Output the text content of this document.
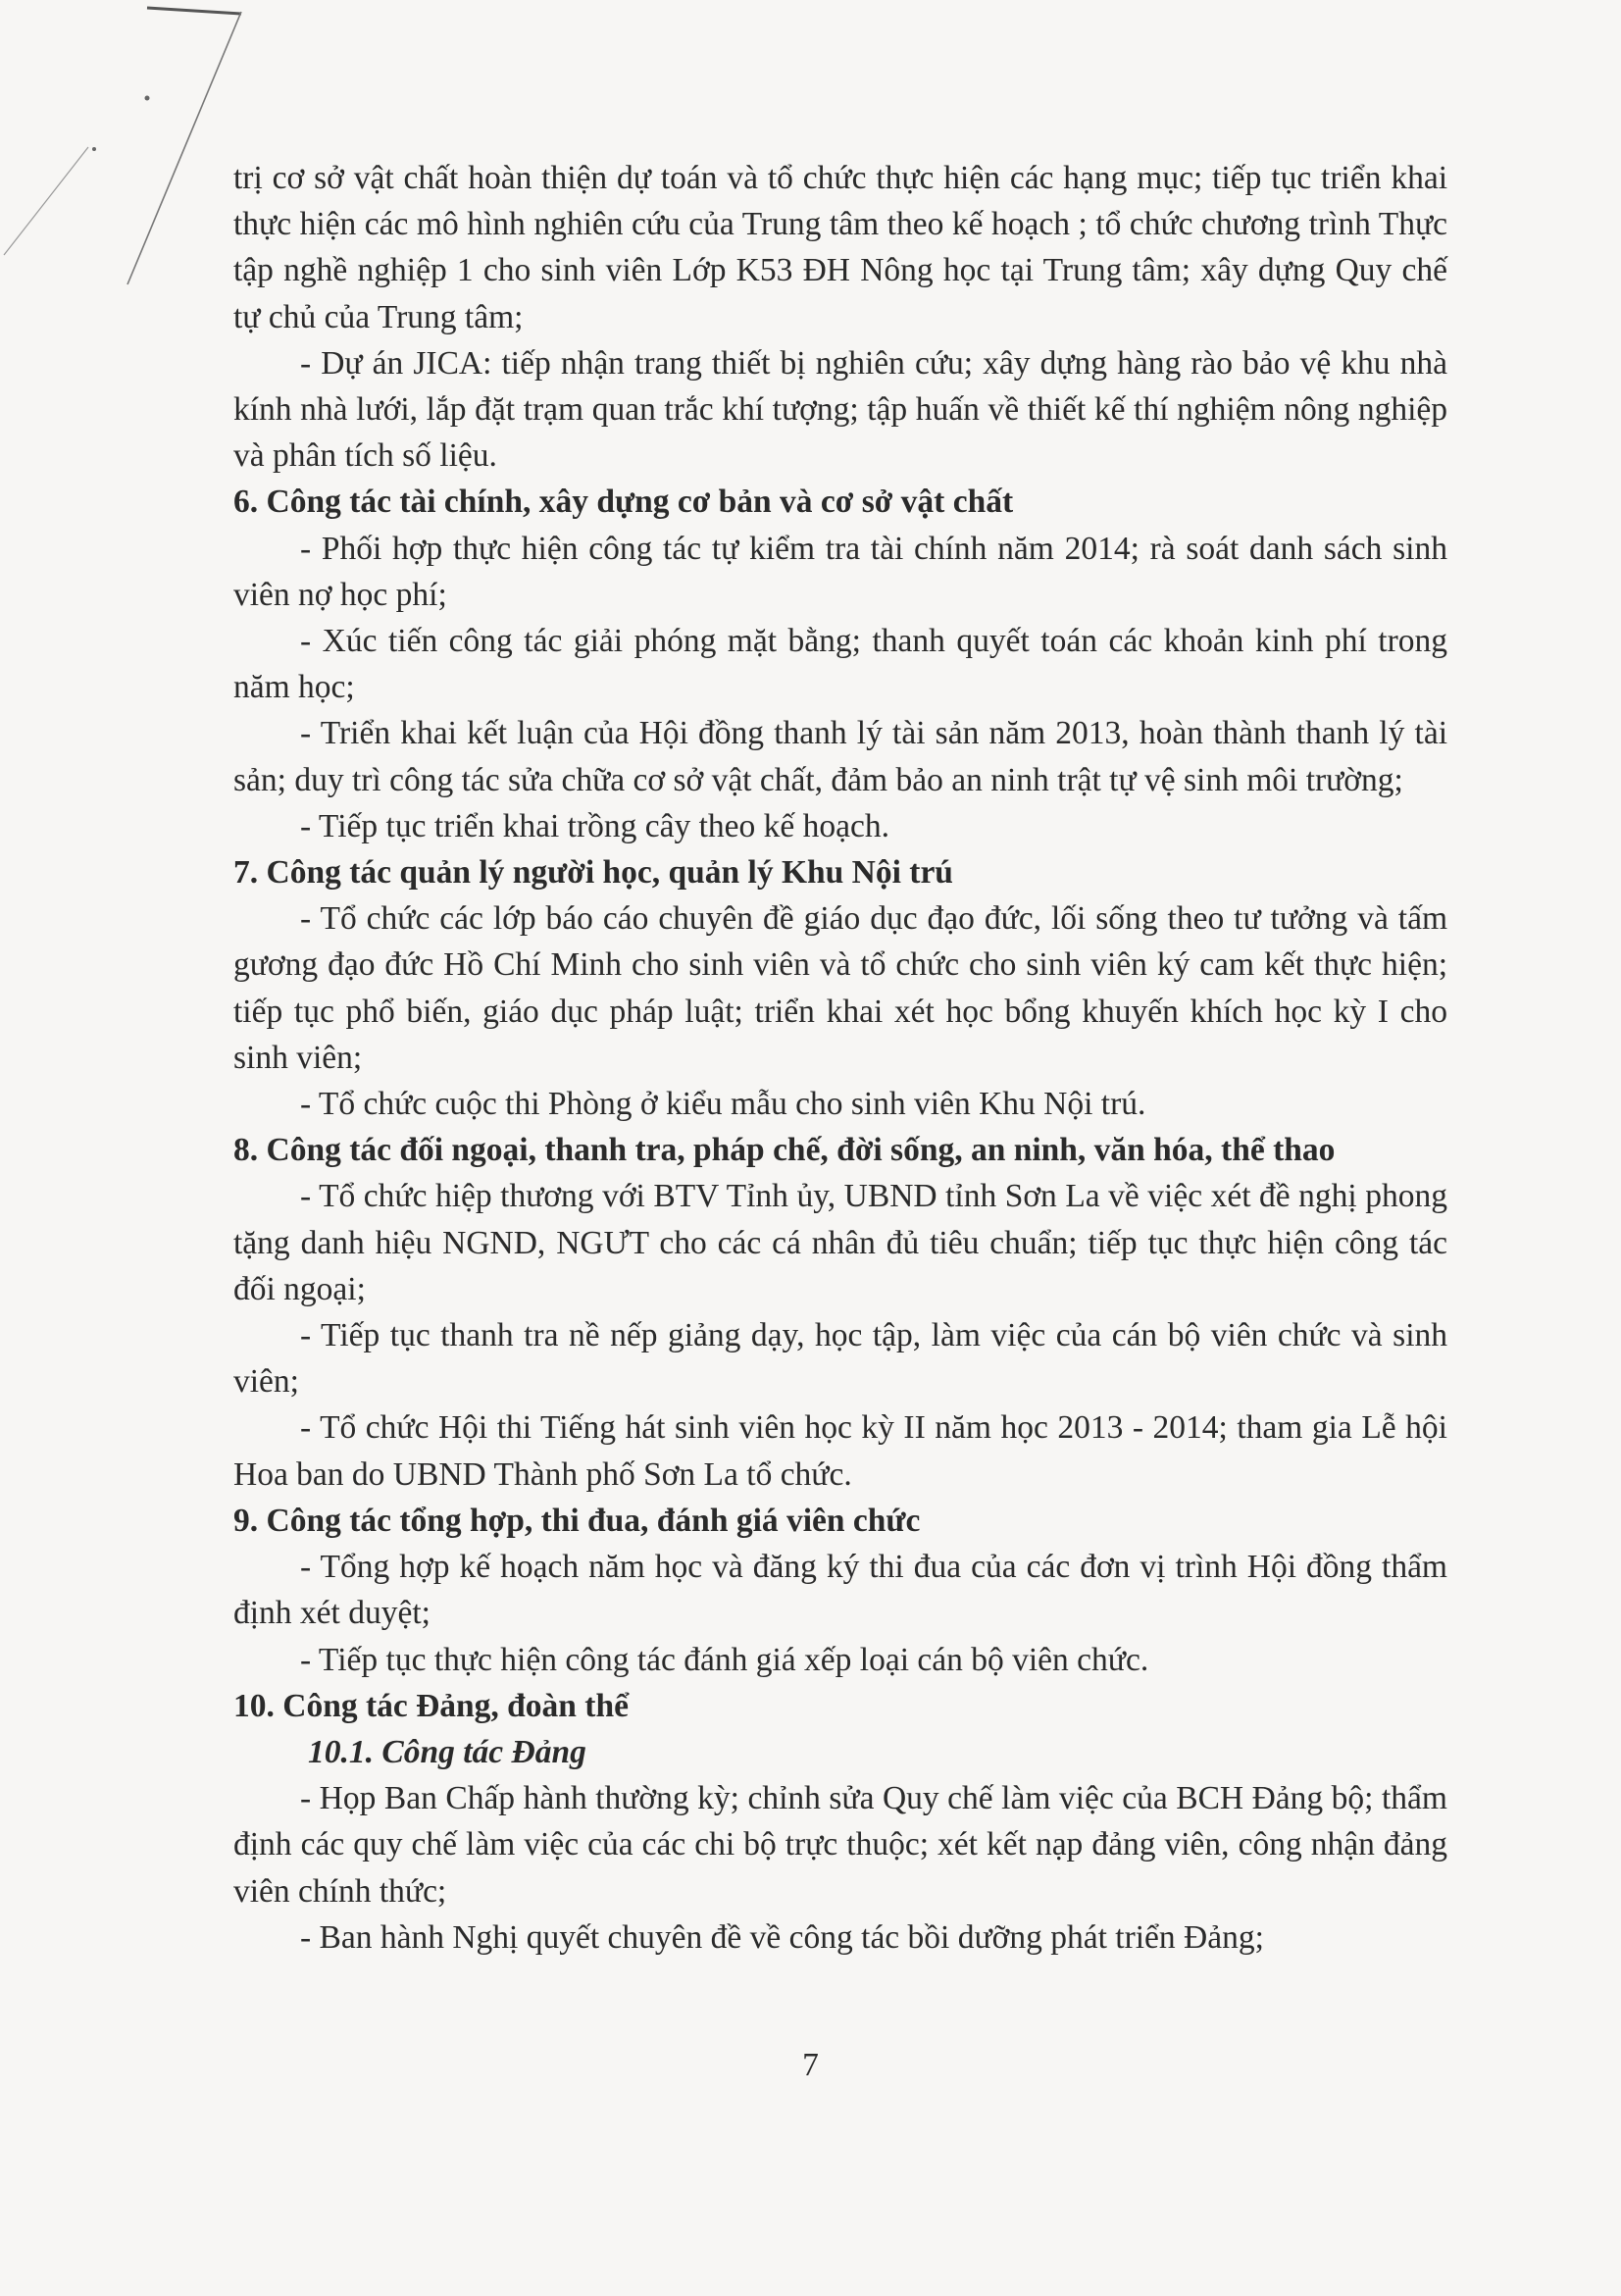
trị cơ sở vật chất hoàn thiện dự toán và tổ chức thực hiện các hạng mục; tiếp tục triển khai thực hiện các mô hình nghiên cứu của Trung tâm theo kế hoạch ; tổ chức chương trình Thực tập nghề nghiệp 1 cho sinh viên Lớp K53 ĐH Nông học tại Trung tâm; xây dựng Quy chế tự chủ của Trung tâm;

- Dự án JICA: tiếp nhận trang thiết bị nghiên cứu; xây dựng hàng rào bảo vệ khu nhà kính nhà lưới, lắp đặt trạm quan trắc khí tượng; tập huấn về thiết kế thí nghiệm nông nghiệp và phân tích số liệu.

6. Công tác tài chính, xây dựng cơ bản và cơ sở vật chất

- Phối hợp thực hiện công tác tự kiểm tra tài chính năm 2014; rà soát danh sách sinh viên nợ học phí;

- Xúc tiến công tác giải phóng mặt bằng; thanh quyết toán các khoản kinh phí trong năm học;

- Triển khai kết luận của Hội đồng thanh lý tài sản năm 2013, hoàn thành thanh lý tài sản; duy trì công tác sửa chữa cơ sở vật chất, đảm bảo an ninh trật tự vệ sinh môi trường;

- Tiếp tục triển khai trồng cây theo kế hoạch.

7. Công tác quản lý người học, quản lý Khu Nội trú

- Tổ chức các lớp báo cáo chuyên đề giáo dục đạo đức, lối sống theo tư tưởng và tấm gương đạo đức Hồ Chí Minh cho sinh viên và tổ chức cho sinh viên ký cam kết thực hiện; tiếp tục phổ biến, giáo dục pháp luật; triển khai xét học bổng khuyến khích học kỳ I cho sinh viên;

- Tổ chức cuộc thi Phòng ở kiểu mẫu cho sinh viên Khu Nội trú.

8. Công tác đối ngoại, thanh tra, pháp chế, đời sống, an ninh, văn hóa, thể thao

- Tổ chức hiệp thương với BTV Tỉnh ủy, UBND tỉnh Sơn La về việc xét đề nghị phong tặng danh hiệu NGND, NGƯT cho các cá nhân đủ tiêu chuẩn; tiếp tục thực hiện công tác đối ngoại;

- Tiếp tục thanh tra nề nếp giảng dạy, học tập, làm việc của cán bộ viên chức và sinh viên;

- Tổ chức Hội thi Tiếng hát sinh viên học kỳ II năm học 2013 - 2014; tham gia Lễ hội Hoa ban do UBND Thành phố Sơn La tổ chức.

9. Công tác tổng hợp, thi đua, đánh giá viên chức

- Tổng hợp kế hoạch năm học và đăng ký thi đua của các đơn vị trình Hội đồng thẩm định xét duyệt;

- Tiếp tục thực hiện công tác đánh giá xếp loại cán bộ viên chức.

10. Công tác Đảng, đoàn thể

10.1. Công tác Đảng

- Họp Ban Chấp hành thường kỳ; chỉnh sửa Quy chế làm việc của BCH Đảng bộ; thẩm định các quy chế làm việc của các chi bộ trực thuộc; xét kết nạp đảng viên, công nhận đảng viên chính thức;

- Ban hành Nghị quyết chuyên đề về công tác bồi dưỡng phát triển Đảng;

7
